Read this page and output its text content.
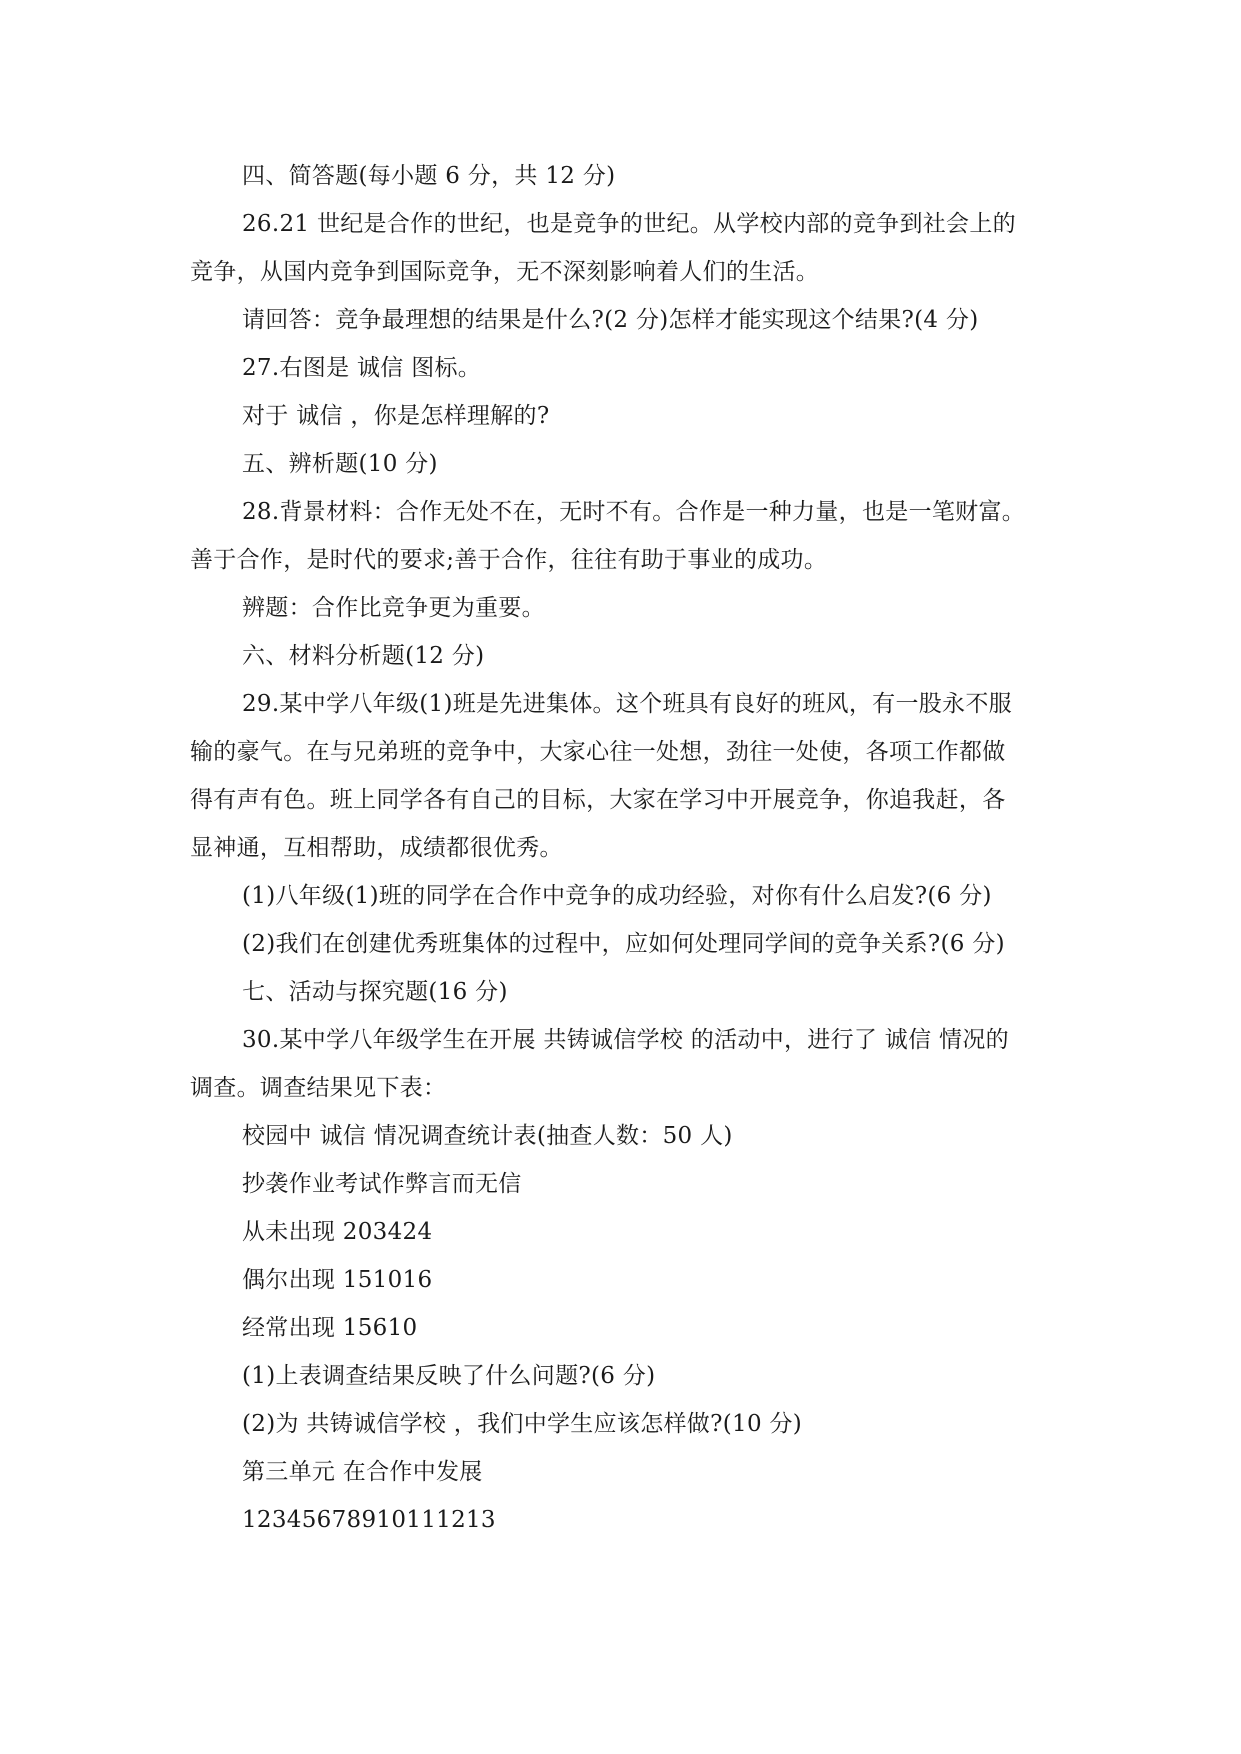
四、简答题(每小题 6 分，共 12 分)
26.21 世纪是合作的世纪，也是竞争的世纪。从学校内部的竞争到社会上的
竞争，从国内竞争到国际竞争，无不深刻影响着人们的生活。
请回答：竞争最理想的结果是什么?(2 分)怎样才能实现这个结果?(4 分)
27.右图是 诚信 图标。
对于 诚信 ，你是怎样理解的?
五、辨析题(10 分)
28.背景材料：合作无处不在，无时不有。合作是一种力量，也是一笔财富。
善于合作，是时代的要求;善于合作，往往有助于事业的成功。
辨题：合作比竞争更为重要。
六、材料分析题(12 分)
29.某中学八年级(1)班是先进集体。这个班具有良好的班风，有一股永不服
输的豪气。在与兄弟班的竞争中，大家心往一处想，劲往一处使，各项工作都做
得有声有色。班上同学各有自己的目标，大家在学习中开展竞争，你追我赶，各
显神通，互相帮助，成绩都很优秀。
(1)八年级(1)班的同学在合作中竞争的成功经验，对你有什么启发?(6 分)
(2)我们在创建优秀班集体的过程中，应如何处理同学间的竞争关系?(6 分)
七、活动与探究题(16 分)
30.某中学八年级学生在开展 共铸诚信学校 的活动中，进行了 诚信 情况的
调查。调查结果见下表：
校园中 诚信 情况调查统计表(抽查人数：50 人)
抄袭作业考试作弊言而无信
从未出现 203424
偶尔出现 151016
经常出现 15610
(1)上表调查结果反映了什么问题?(6 分)
(2)为 共铸诚信学校 ，我们中学生应该怎样做?(10 分)
第三单元 在合作中发展
12345678910111213
